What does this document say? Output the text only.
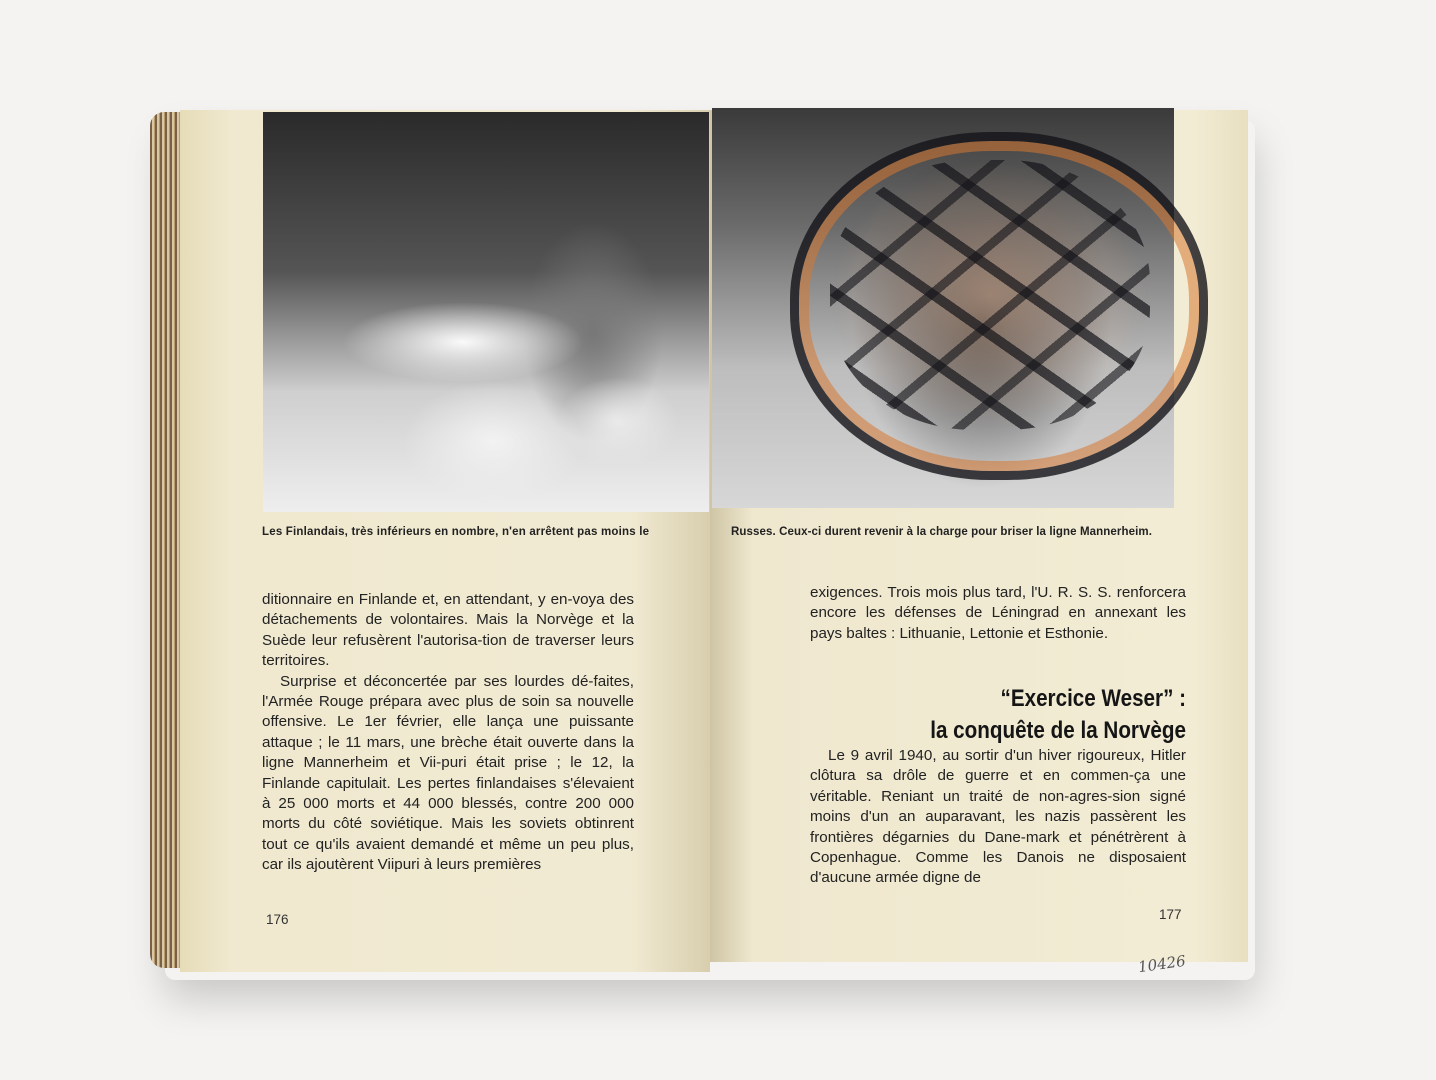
Les Finlandais, très inférieurs en nombre, n'en arrêtent pas moins le	Russes. Ceux-ci durent revenir à la charge pour briser la ligne Mannerheim.

ditionnaire en Finlande et, en attendant, y en-voya des détachements de volontaires. Mais la Norvège et la Suède leur refusèrent l'autorisa-tion de traverser leurs territoires.

Surprise et déconcertée par ses lourdes dé-faites, l'Armée Rouge prépara avec plus de soin sa nouvelle offensive. Le 1er février, elle lança une puissante attaque ; le 11 mars, une brèche était ouverte dans la ligne Mannerheim et Vii-puri était prise ; le 12, la Finlande capitulait. Les pertes finlandaises s'élevaient à 25 000 morts et 44 000 blessés, contre 200 000 morts du côté soviétique. Mais les soviets obtinrent tout ce qu'ils avaient demandé et même un peu plus, car ils ajoutèrent Viipuri à leurs premières

exigences. Trois mois plus tard, l'U. R. S. S. renforcera encore les défenses de Léningrad en annexant les pays baltes : Lithuanie, Lettonie et Esthonie.

“Exercice Weser” :
la conquête de la Norvège

Le 9 avril 1940, au sortir d'un hiver rigoureux, Hitler clôtura sa drôle de guerre et en commen-ça une véritable. Reniant un traité de non-agres-sion signé moins d'un an auparavant, les nazis passèrent les frontières dégarnies du Dane-mark et pénétrèrent à Copenhague. Comme les Danois ne disposaient d'aucune armée digne de

176	177
10426
